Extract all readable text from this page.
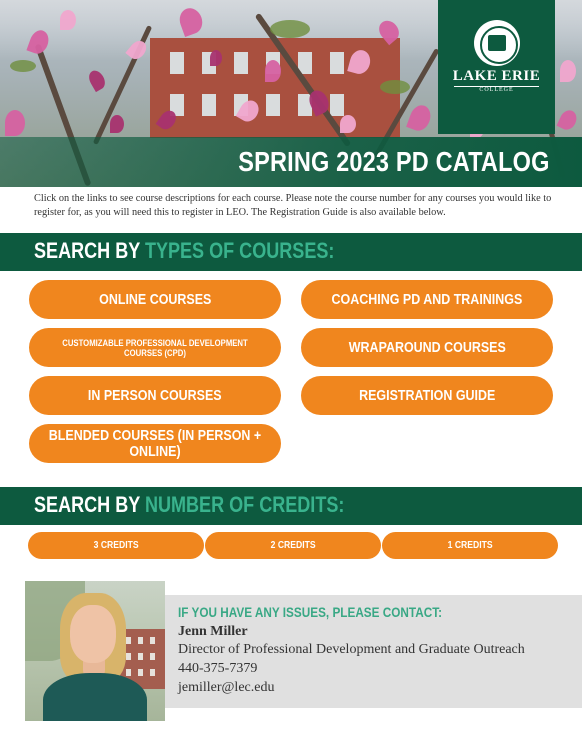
LAKE ERIE
COLLEGE
SPRING 2023 PD CATALOG

Click on the links to see course descriptions for each course. Please note the course number for any courses you would like to register for, as you will need this to register in LEO. The Registration Guide is also available below.

SEARCH BY TYPES OF COURSES:
ONLINE COURSES	COACHING PD AND TRAININGS
CUSTOMIZABLE PROFESSIONAL DEVELOPMENT COURSES (CPD)	WRAPAROUND COURSES
IN PERSON COURSES	REGISTRATION GUIDE
BLENDED COURSES (IN PERSON + ONLINE)
SEARCH BY NUMBER OF CREDITS:
3 CREDITS	2 CREDITS	1 CREDITS
IF YOU HAVE ANY ISSUES, PLEASE CONTACT:
Jenn Miller
Director of Professional Development and Graduate Outreach
440-375-7379
jemiller@lec.edu
